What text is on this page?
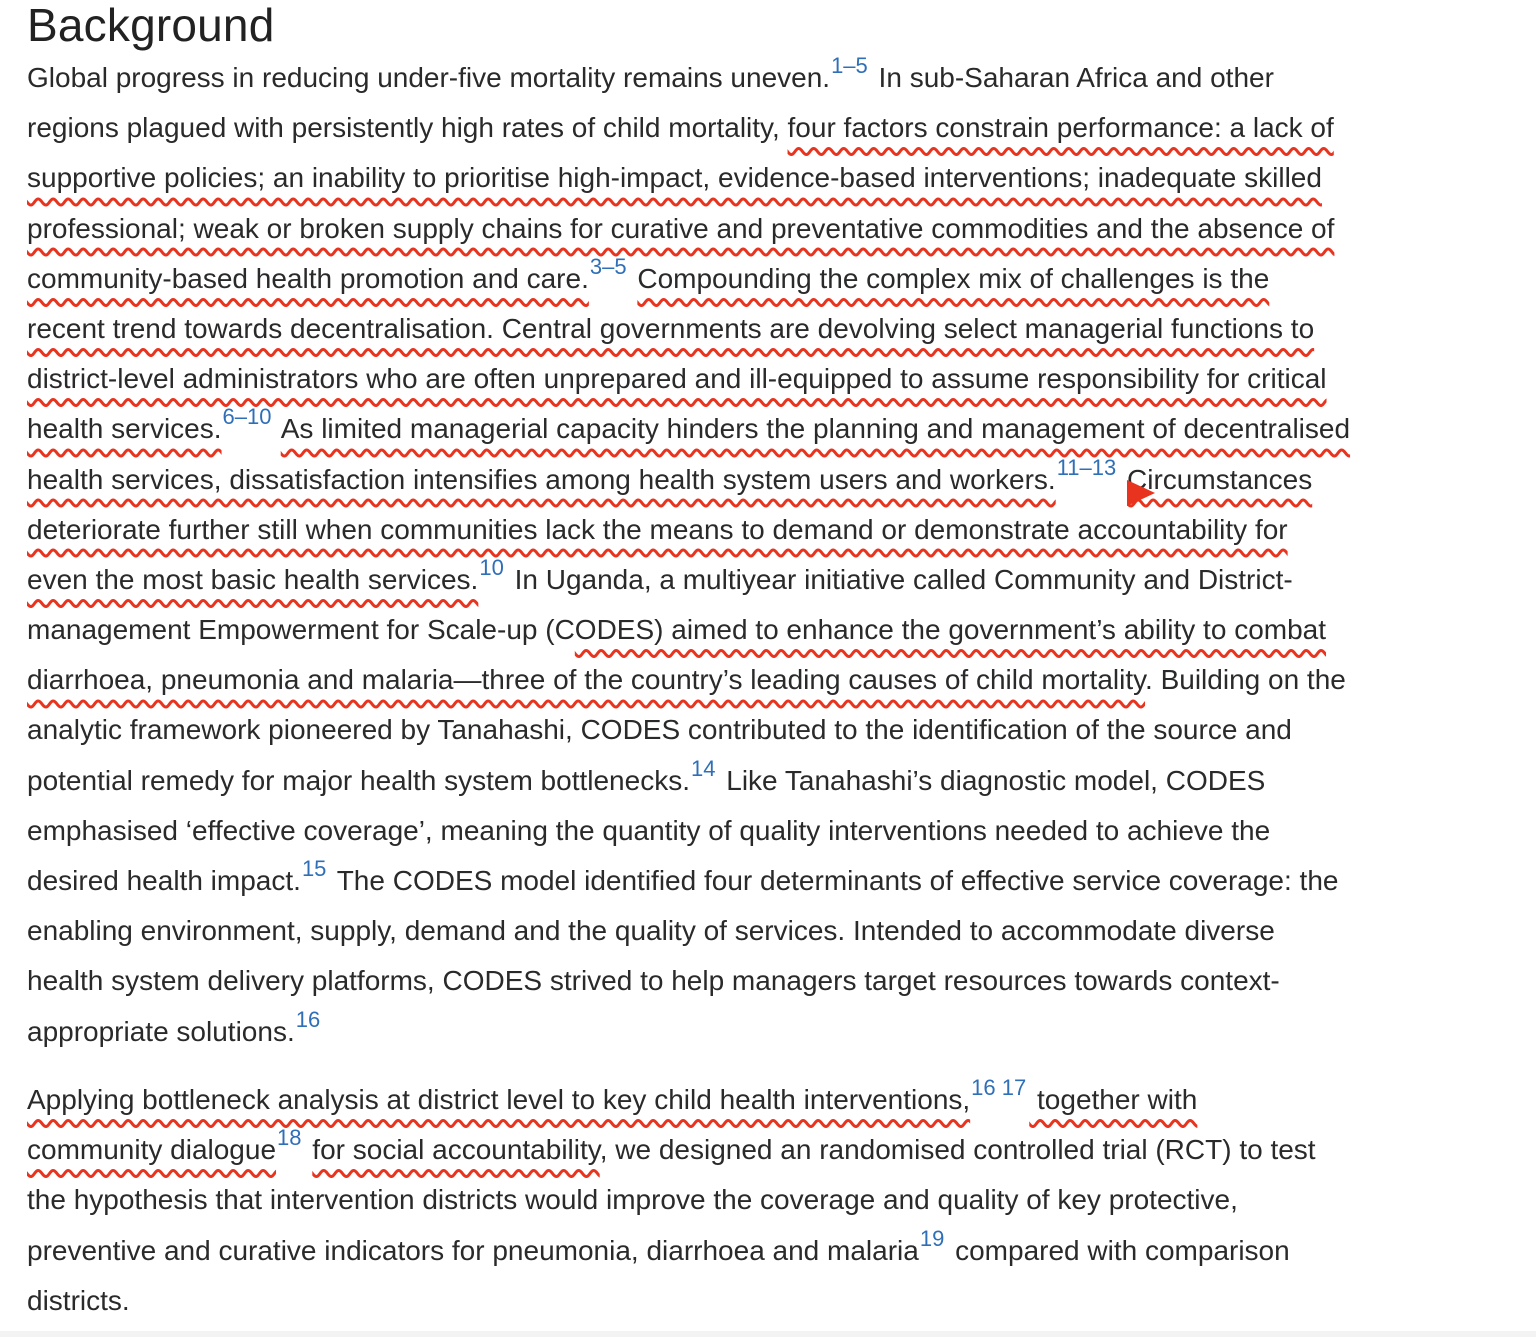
Background
Global progress in reducing under-five mortality remains uneven.$^{1-5}$ In sub-Saharan Africa and other
regions plagued with persistently high rates of child mortality, four factors constrain performance: a lack of
supportive policies; an inability to prioritise high-impact, evidence-based interventions; inadequate skilled
professional; weak or broken supply chains for curative and preventative commodities and the absence of
community-based health promotion and care.$^{3-5}$ Compounding the complex mix of challenges is the
recent trend towards decentralisation. Central governments are devolving select managerial functions to
district-level administrators who are often unprepared and ill-equipped to assume responsibility for critical
health services.$^{6-10}$ As limited managerial capacity hinders the planning and management of decentralised
health services, dissatisfaction intensifies among health system users and workers.$^{11-13}$ Circumstances
deteriorate further still when communities lack the means to demand or demonstrate accountability for
even the most basic health services.$^{10}$ In Uganda, a multiyear initiative called Community and District-
management Empowerment for Scale-up (CODES) aimed to enhance the government’s ability to combat
diarrhoea, pneumonia and malaria—three of the country’s leading causes of child mortality. Building on the
analytic framework pioneered by Tanahashi, CODES contributed to the identification of the source and
potential remedy for major health system bottlenecks.$^{14}$ Like Tanahashi’s diagnostic model, CODES
emphasised ‘effective coverage’, meaning the quantity of quality interventions needed to achieve the
desired health impact.$^{15}$ The CODES model identified four determinants of effective service coverage: the
enabling environment, supply, demand and the quality of services. Intended to accommodate diverse
health system delivery platforms, CODES strived to help managers target resources towards context-
appropriate solutions.$^{16}$
Applying bottleneck analysis at district level to key child health interventions,$^{16 17}$ together with
community dialogue$^{18}$ for social accountability, we designed an randomised controlled trial (RCT) to test
the hypothesis that intervention districts would improve the coverage and quality of key protective,
preventive and curative indicators for pneumonia, diarrhoea and malaria$^{19}$ compared with comparison
districts.
